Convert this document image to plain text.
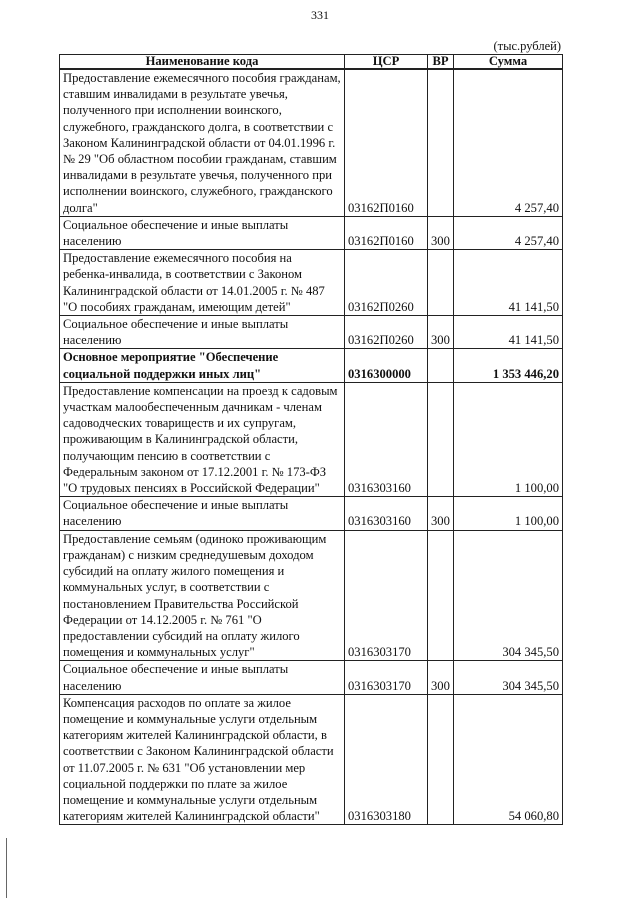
331
(тыс.рублей)
Наименование кода	ЦСР	ВР	Сумма
Предоставление ежемесячного пособия гражданам, ставшим инвалидами в результате увечья, полученного при исполнении воинского, служебного, гражданского долга, в соответствии с Законом Калининградской области от 04.01.1996 г. № 29 "Об областном пособии гражданам, ставшим инвалидами в результате увечья, полученного при исполнении воинского, служебного, гражданского долга"	03162П0160		4 257,40
Социальное обеспечение и иные выплаты населению	03162П0160	300	4 257,40
Предоставление ежемесячного пособия на ребенка-инвалида, в соответствии с Законом Калининградской области от 14.01.2005 г. № 487 "О пособиях гражданам, имеющим детей"	03162П0260		41 141,50
Социальное обеспечение и иные выплаты населению	03162П0260	300	41 141,50
Основное мероприятие "Обеспечение социальной поддержки иных лиц"	0316300000		1 353 446,20
Предоставление компенсации на проезд к садовым участкам малообеспеченным дачникам - членам садоводческих товариществ и их супругам, проживающим в Калининградской области, получающим пенсию в соответствии с Федеральным законом от 17.12.2001 г. № 173-ФЗ "О трудовых пенсиях в Российской Федерации"	0316303160		1 100,00
Социальное обеспечение и иные выплаты населению	0316303160	300	1 100,00
Предоставление семьям (одиноко проживающим гражданам) с низким среднедушевым доходом субсидий на оплату жилого помещения и коммунальных услуг, в соответствии с постановлением Правительства Российской Федерации от 14.12.2005 г. № 761 "О предоставлении субсидий на оплату жилого помещения и коммунальных услуг"	0316303170		304 345,50
Социальное обеспечение и иные выплаты населению	0316303170	300	304 345,50
Компенсация расходов по оплате за жилое помещение и коммунальные услуги отдельным категориям жителей Калининградской области, в соответствии с Законом Калининградской области от 11.07.2005 г. № 631 "Об установлении мер социальной поддержки по плате за жилое помещение и коммунальные услуги отдельным категориям жителей Калининградской области"	0316303180		54 060,80
